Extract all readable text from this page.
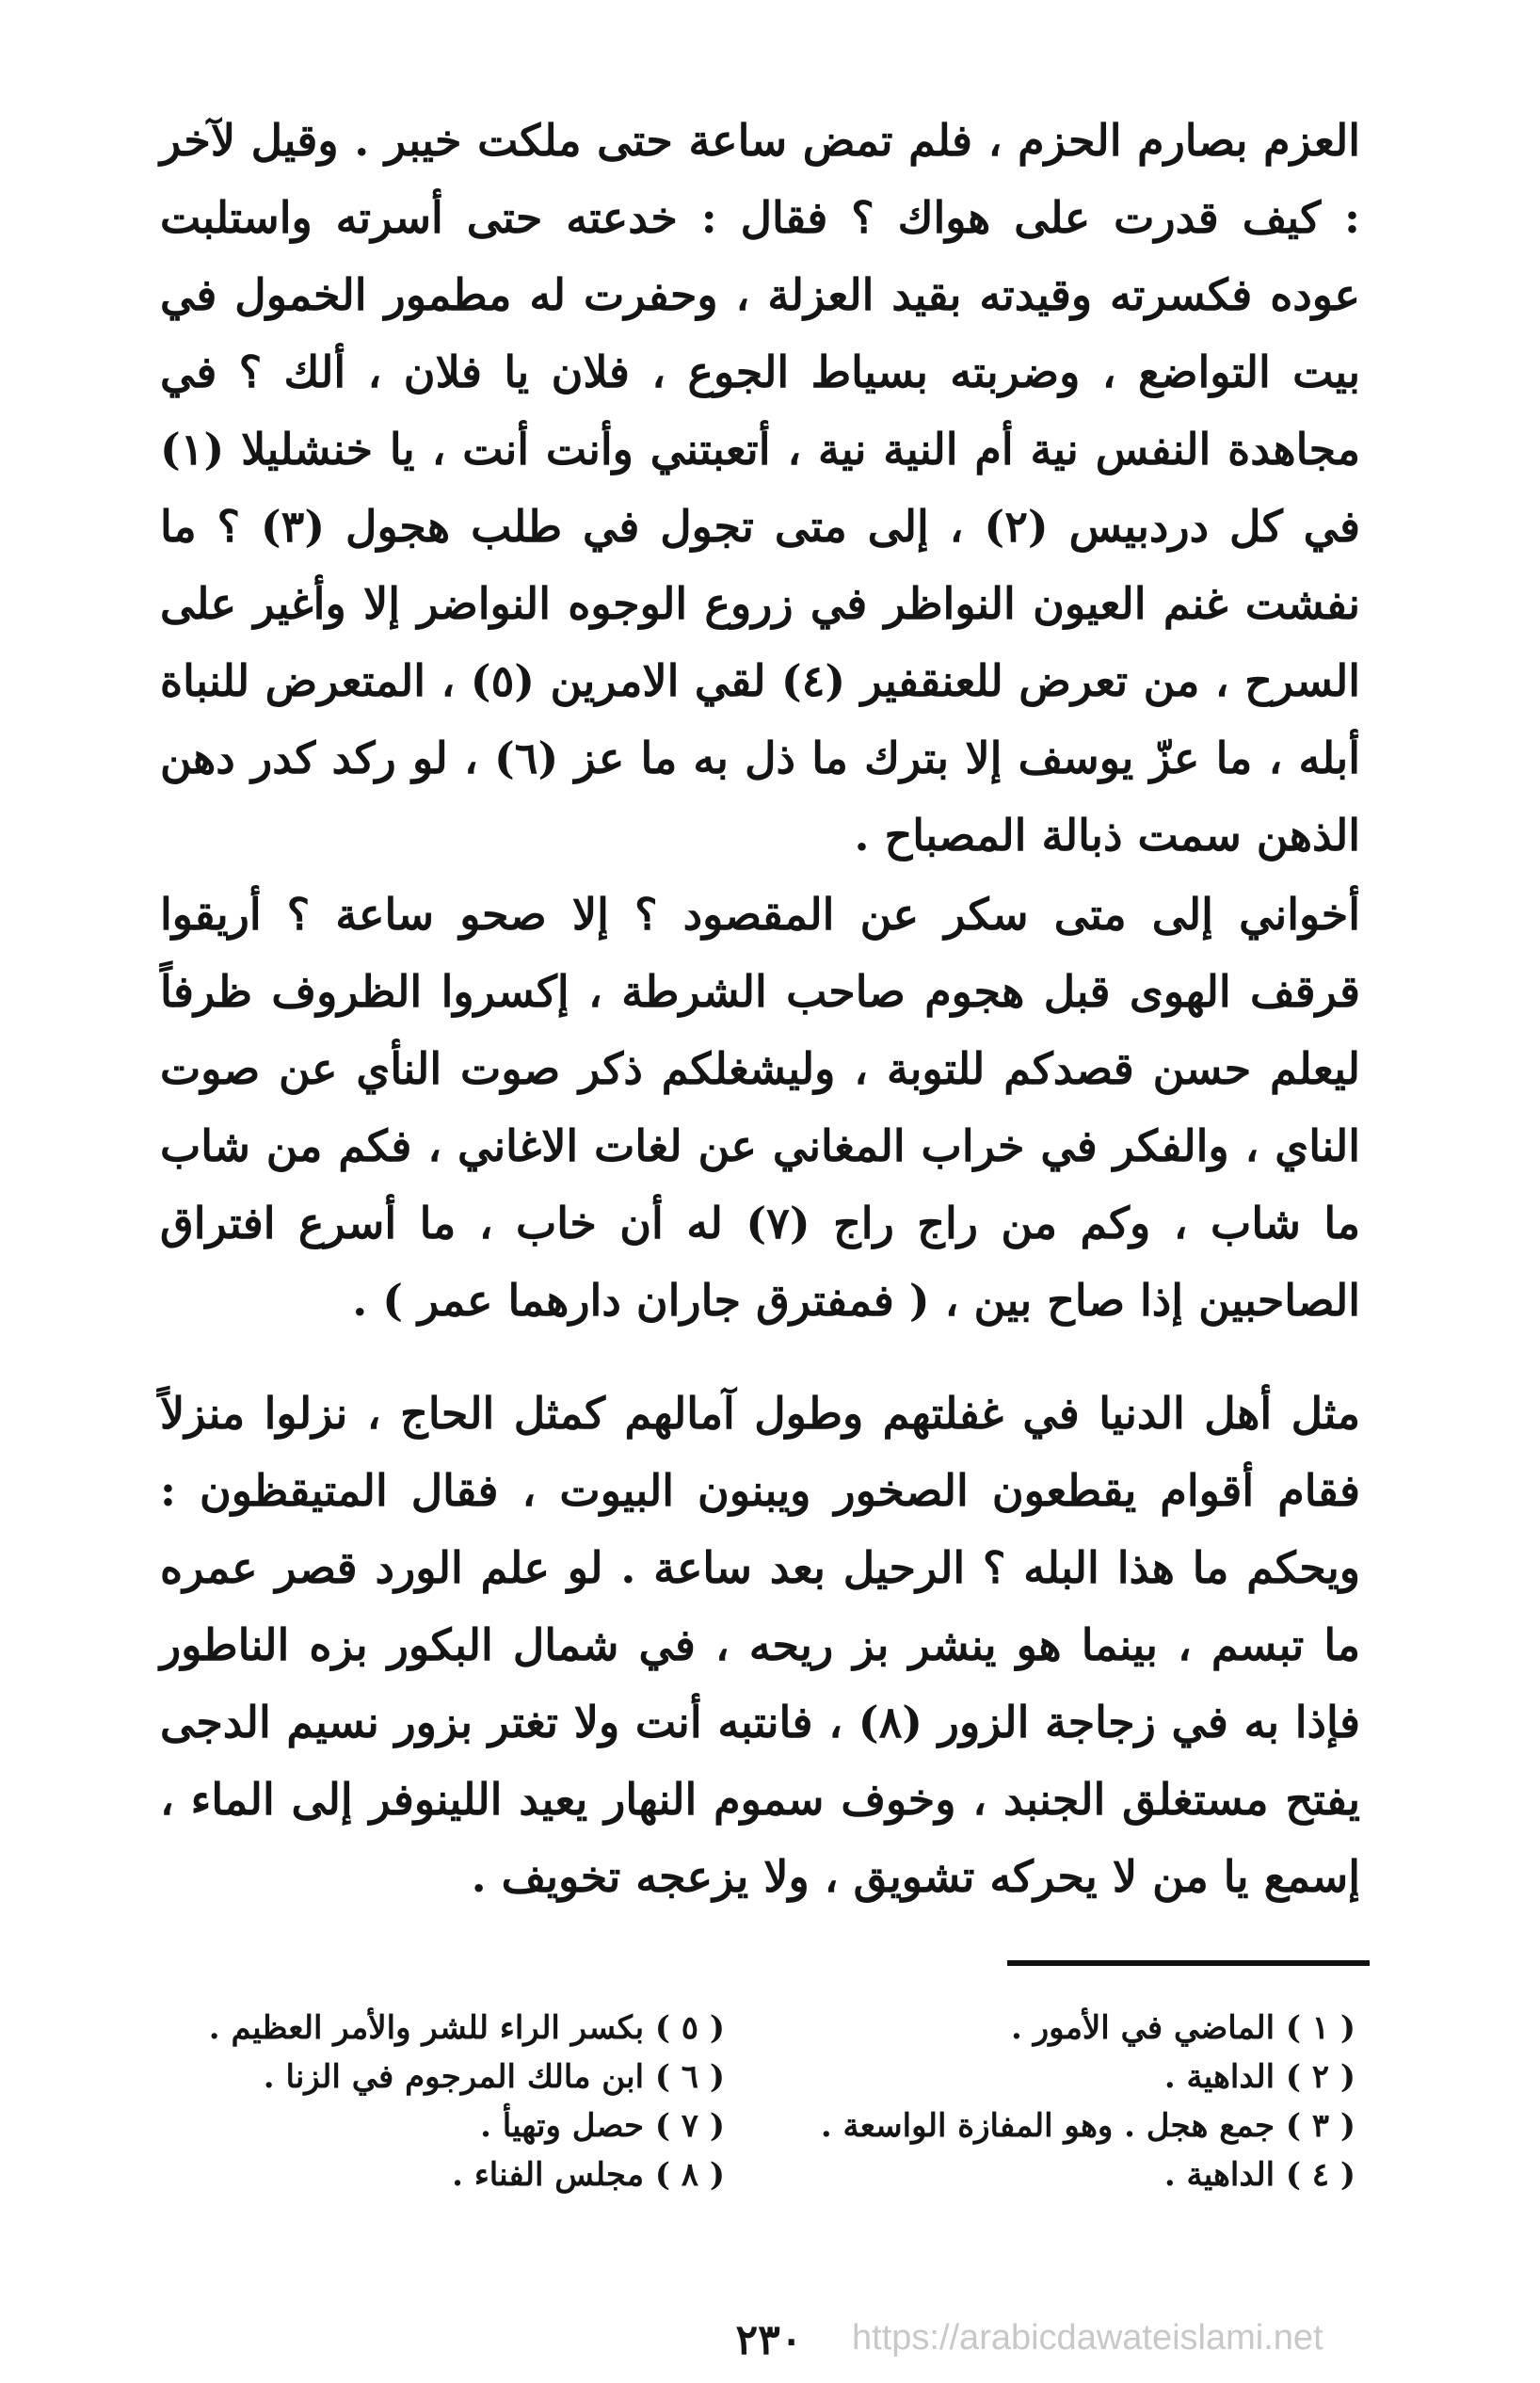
العزم بصارم الحزم ، فلم تمض ساعة حتى ملكت خيبر . وقيل لآخر : كيف قدرت على هواك ؟ فقال : خدعته حتى أسرته واستلبت عوده فكسرته وقيدته بقيد العزلة ، وحفرت له مطمور الخمول في بيت التواضع ، وضربته بسياط الجوع ، فلان يا فلان ، ألك ؟ في مجاهدة النفس نية أم النية نية ، أتعبتني وأنت أنت ، يا خنشليلا (١) في كل دردبيس (٢) ، إلى متى تجول في طلب هجول (٣) ؟ ما نفشت غنم العيون النواظر في زروع الوجوه النواضر إلا وأغير على السرح ، من تعرض للعنقفير (٤) لقي الامرين (٥) ، المتعرض للنباة أبله ، ما عزّ يوسف إلا بترك ما ذل به ما عز (٦) ، لو ركد كدر دهن الذهن سمت ذبالة المصباح .

أخواني إلى متى سكر عن المقصود ؟ إلا صحو ساعة ؟ أريقوا قرقف الهوى قبل هجوم صاحب الشرطة ، إكسروا الظروف ظرفاً ليعلم حسن قصدكم للتوبة ، وليشغلكم ذكر صوت النأي عن صوت الناي ، والفكر في خراب المغاني عن لغات الاغاني ، فكم من شاب ما شاب ، وكم من راج راج (٧) له أن خاب ، ما أسرع افتراق الصاحبين إذا صاح بين ، ( فمفترق جاران دارهما عمر ) .

مثل أهل الدنيا في غفلتهم وطول آمالهم كمثل الحاج ، نزلوا منزلاً فقام أقوام يقطعون الصخور ويبنون البيوت ، فقال المتيقظون : ويحكم ما هذا البله ؟ الرحيل بعد ساعة . لو علم الورد قصر عمره ما تبسم ، بينما هو ينشر بز ريحه ، في شمال البكور بزه الناطور فإذا به في زجاجة الزور (٨) ، فانتبه أنت ولا تغتر بزور نسيم الدجى يفتح مستغلق الجنبد ، وخوف سموم النهار يعيد اللينوفر إلى الماء ، إسمع يا من لا يحركه تشويق ، ولا يزعجه تخويف .

( ١ ) الماضي في الأمور .
( ٢ ) الداهية .
( ٣ ) جمع هجل . وهو المفازة الواسعة .
( ٤ ) الداهية .
( ٥ ) بكسر الراء للشر والأمر العظيم .
( ٦ ) ابن مالك المرجوم في الزنا .
( ٧ ) حصل وتهيأ .
( ٨ ) مجلس الفناء .
٢٣٠	https://arabicdawateislami.net
